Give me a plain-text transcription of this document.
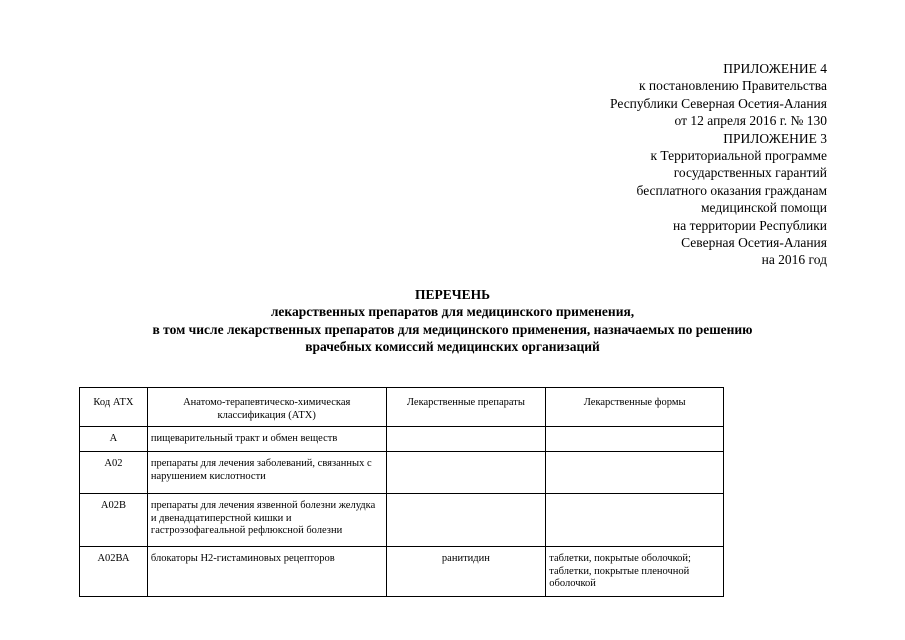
ПРИЛОЖЕНИЕ 4
к постановлению Правительства
Республики Северная Осетия-Алания
от 12 апреля 2016 г. № 130
ПРИЛОЖЕНИЕ 3
к Территориальной программе
государственных гарантий
бесплатного оказания гражданам
медицинской помощи
на территории Республики
Северная Осетия-Алания
на 2016 год
ПЕРЕЧЕНЬ
лекарственных препаратов для медицинского применения,
в том числе лекарственных препаратов для медицинского применения, назначаемых по решению
врачебных комиссий медицинских организаций
Код АТХ	Анатомо-терапевтическо-химическая классификация (АТХ)	Лекарственные препараты	Лекарственные формы
А	пищеварительный тракт и обмен веществ		
А02	препараты для лечения заболеваний, связанных с нарушением кислотности		
А02В	препараты для лечения язвенной болезни желудка и двенадцатиперстной кишки и гастроэзофагеальной рефлюксной болезни		
А02ВА	блокаторы Н2-гистаминовых рецепторов	ранитидин	таблетки, покрытые оболочкой; таблетки, покрытые пленочной оболочкой
